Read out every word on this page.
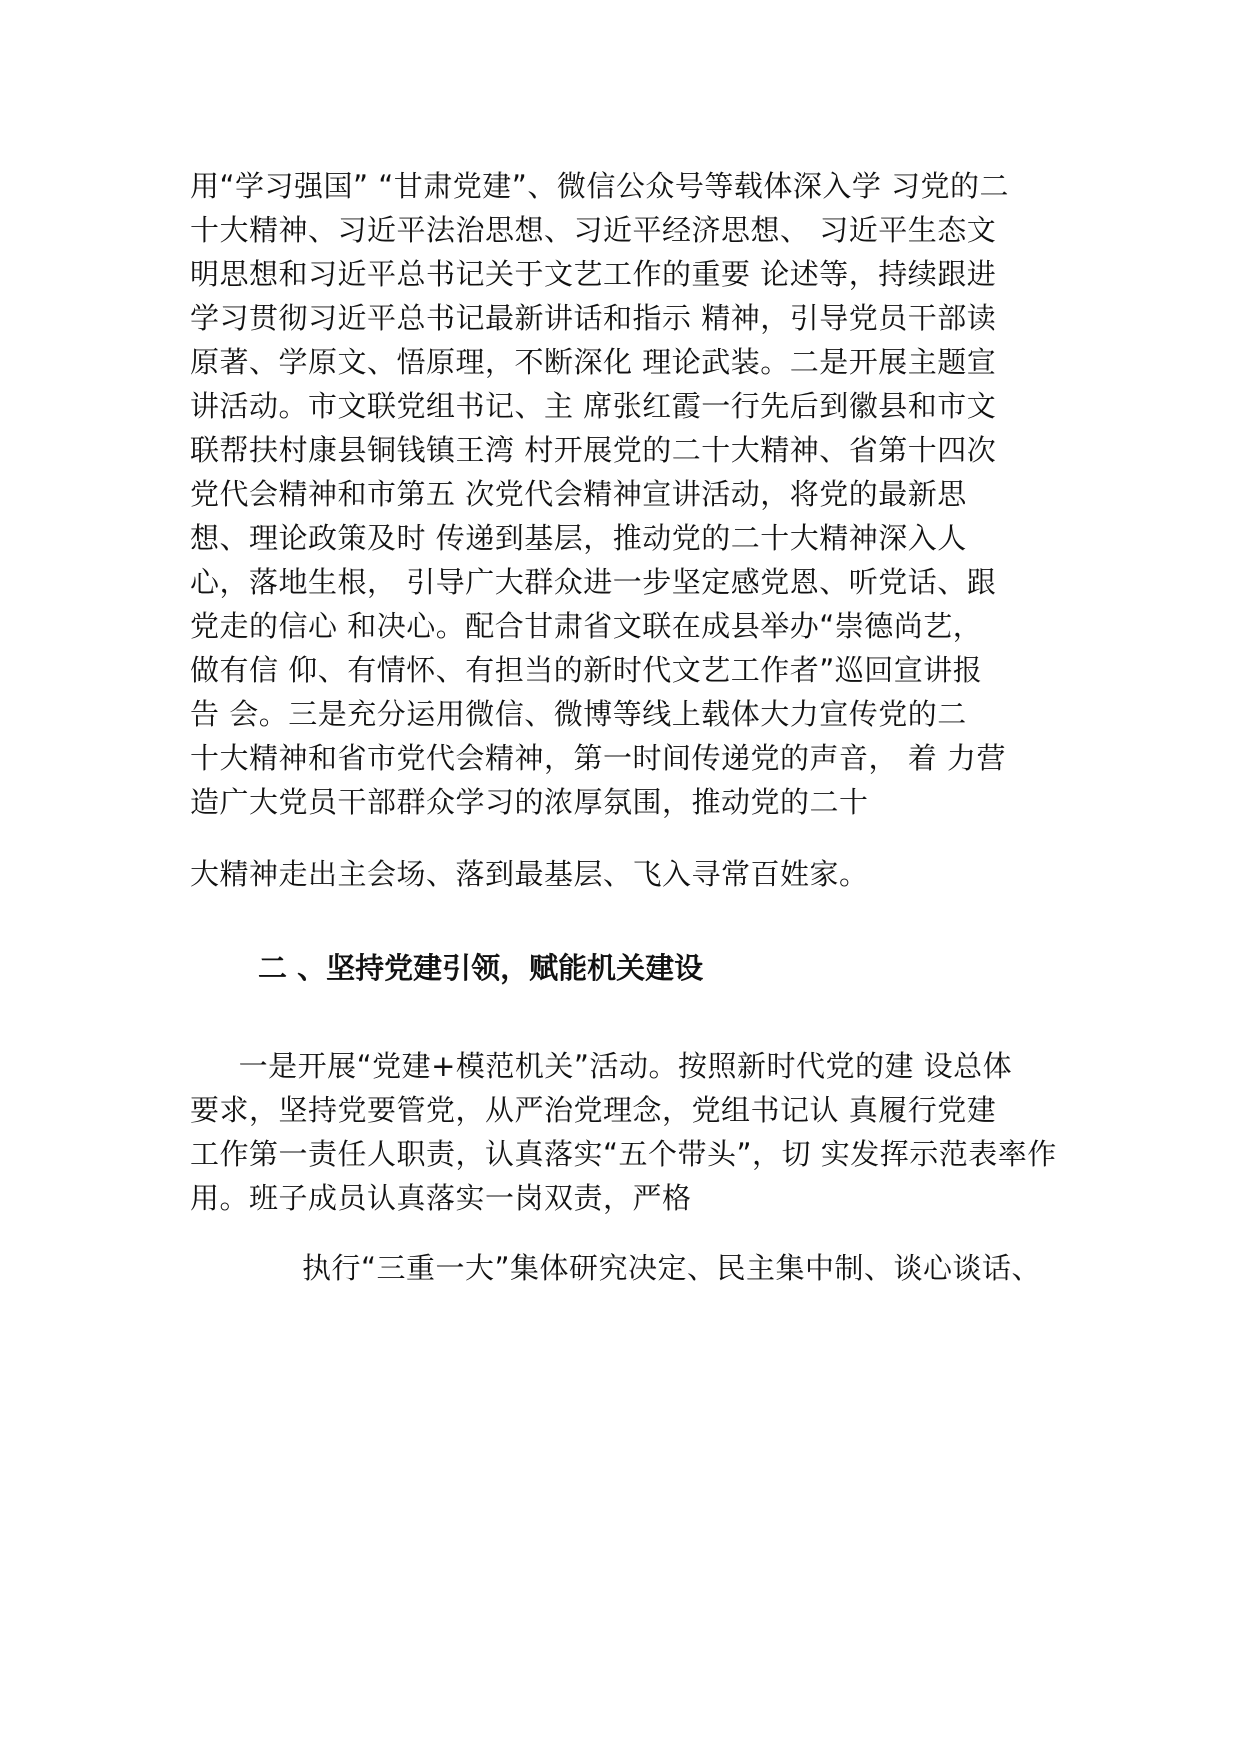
用“学习强国” “甘肃党建”、微信公众号等载体深入学 习党的二
十大精神、习近平法治思想、习近平经济思想、 习近平生态文
明思想和习近平总书记关于文艺工作的重要 论述等，持续跟进
学习贯彻习近平总书记最新讲话和指示 精神，引导党员干部读
原著、学原文、悟原理，不断深化 理论武装。二是开展主题宣
讲活动。市文联党组书记、主 席张红霞一行先后到徽县和市文
联帮扶村康县铜钱镇王湾 村开展党的二十大精神、省第十四次
党代会精神和市第五 次党代会精神宣讲活动，将党的最新思
想、理论政策及时 传递到基层，推动党的二十大精神深入人
心，落地生根， 引导广大群众进一步坚定感党恩、听党话、跟
党走的信心 和决心。配合甘肃省文联在成县举办“崇德尚艺，
做有信 仰、有情怀、有担当的新时代文艺工作者”巡回宣讲报
告 会。三是充分运用微信、微博等线上载体大力宣传党的二
十大精神和省市党代会精神，第一时间传递党的声音， 着 力营
造广大党员干部群众学习的浓厚氛围，推动党的二十
大精神走出主会场、落到最基层、飞入寻常百姓家。
二 、坚持党建引领，赋能机关建设
一是开展“党建+模范机关”活动。按照新时代党的建 设总体
要求，坚持党要管党，从严治党理念，党组书记认 真履行党建
工作第一责任人职责，认真落实“五个带头”，切 实发挥示范表率作
用。班子成员认真落实一岗双责，严格
执行“三重一大”集体研究决定、民主集中制、谈心谈话、
